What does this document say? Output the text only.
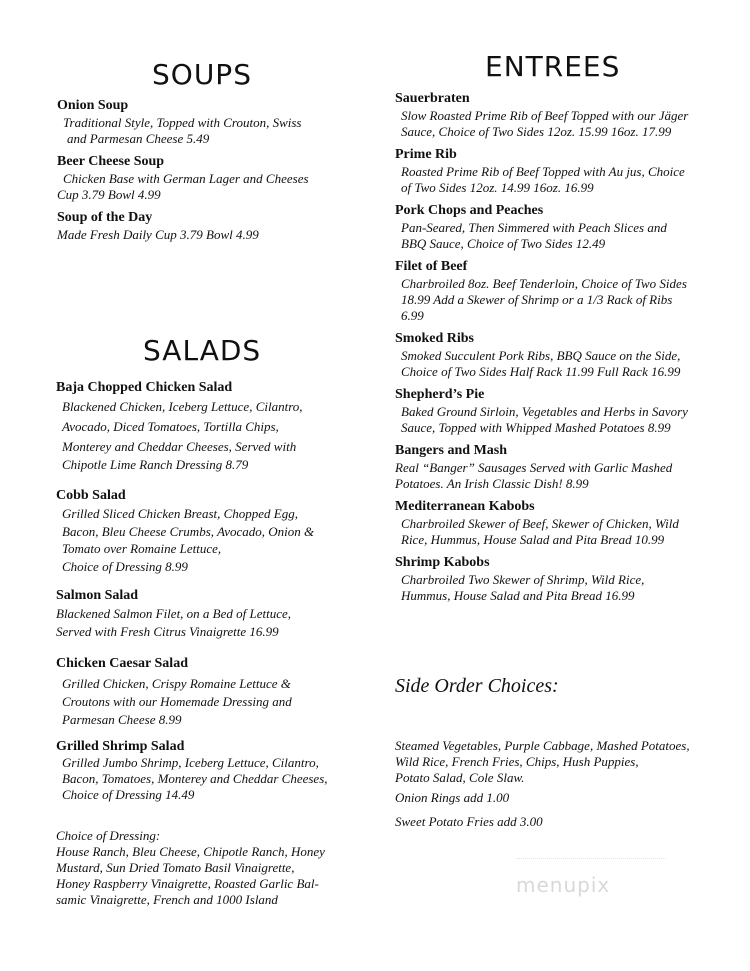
SOUPS
Onion Soup
Traditional Style, Topped with Crouton, Swiss
and Parmesan Cheese 5.49
Beer Cheese Soup
Chicken Base with German Lager and Cheeses
Cup 3.79 Bowl 4.99
Soup of the Day
Made Fresh Daily Cup 3.79 Bowl 4.99
SALADS
Baja Chopped Chicken Salad
Blackened Chicken, Iceberg Lettuce, Cilantro,
Avocado, Diced Tomatoes, Tortilla Chips,
Monterey and Cheddar Cheeses, Served with
Chipotle Lime Ranch Dressing 8.79
Cobb Salad
Grilled Sliced Chicken Breast, Chopped Egg,
Bacon, Bleu Cheese Crumbs, Avocado, Onion &
Tomato over Romaine Lettuce,
Choice of Dressing 8.99
Salmon Salad
Blackened Salmon Filet, on a Bed of Lettuce,
Served with Fresh Citrus Vinaigrette 16.99
Chicken Caesar Salad
Grilled Chicken, Crispy Romaine Lettuce &
Croutons with our Homemade Dressing and
Parmesan Cheese 8.99
Grilled Shrimp Salad
Grilled Jumbo Shrimp, Iceberg Lettuce, Cilantro,
Bacon, Tomatoes, Monterey and Cheddar Cheeses,
Choice of Dressing 14.49
Choice of Dressing:
House Ranch, Bleu Cheese, Chipotle Ranch, Honey
Mustard, Sun Dried Tomato Basil Vinaigrette,
Honey Raspberry Vinaigrette, Roasted Garlic Bal-
samic Vinaigrette, French and 1000 Island
ENTREES
Sauerbraten
Slow Roasted Prime Rib of Beef Topped with our Jäger
Sauce, Choice of Two Sides 12oz. 15.99 16oz. 17.99
Prime Rib
Roasted Prime Rib of Beef Topped with Au jus, Choice
of Two Sides 12oz. 14.99 16oz. 16.99
Pork Chops and Peaches
Pan-Seared, Then Simmered with Peach Slices and
BBQ Sauce, Choice of Two Sides 12.49
Filet of Beef
Charbroiled 8oz. Beef Tenderloin, Choice of Two Sides
18.99 Add a Skewer of Shrimp or a 1/3 Rack of Ribs
6.99
Smoked Ribs
Smoked Succulent Pork Ribs, BBQ Sauce on the Side,
Choice of Two Sides Half Rack 11.99 Full Rack 16.99
Shepherd’s Pie
Baked Ground Sirloin, Vegetables and Herbs in Savory
Sauce, Topped with Whipped Mashed Potatoes 8.99
Bangers and Mash
Real “Banger” Sausages Served with Garlic Mashed
Potatoes. An Irish Classic Dish! 8.99
Mediterranean Kabobs
Charbroiled Skewer of Beef, Skewer of Chicken, Wild
Rice, Hummus, House Salad and Pita Bread 10.99
Shrimp Kabobs
Charbroiled Two Skewer of Shrimp, Wild Rice,
Hummus, House Salad and Pita Bread 16.99
Side Order Choices:
Steamed Vegetables, Purple Cabbage, Mashed Potatoes,
Wild Rice, French Fries, Chips, Hush Puppies,
Potato Salad, Cole Slaw.
Onion Rings add 1.00
Sweet Potato Fries add 3.00
menupix
